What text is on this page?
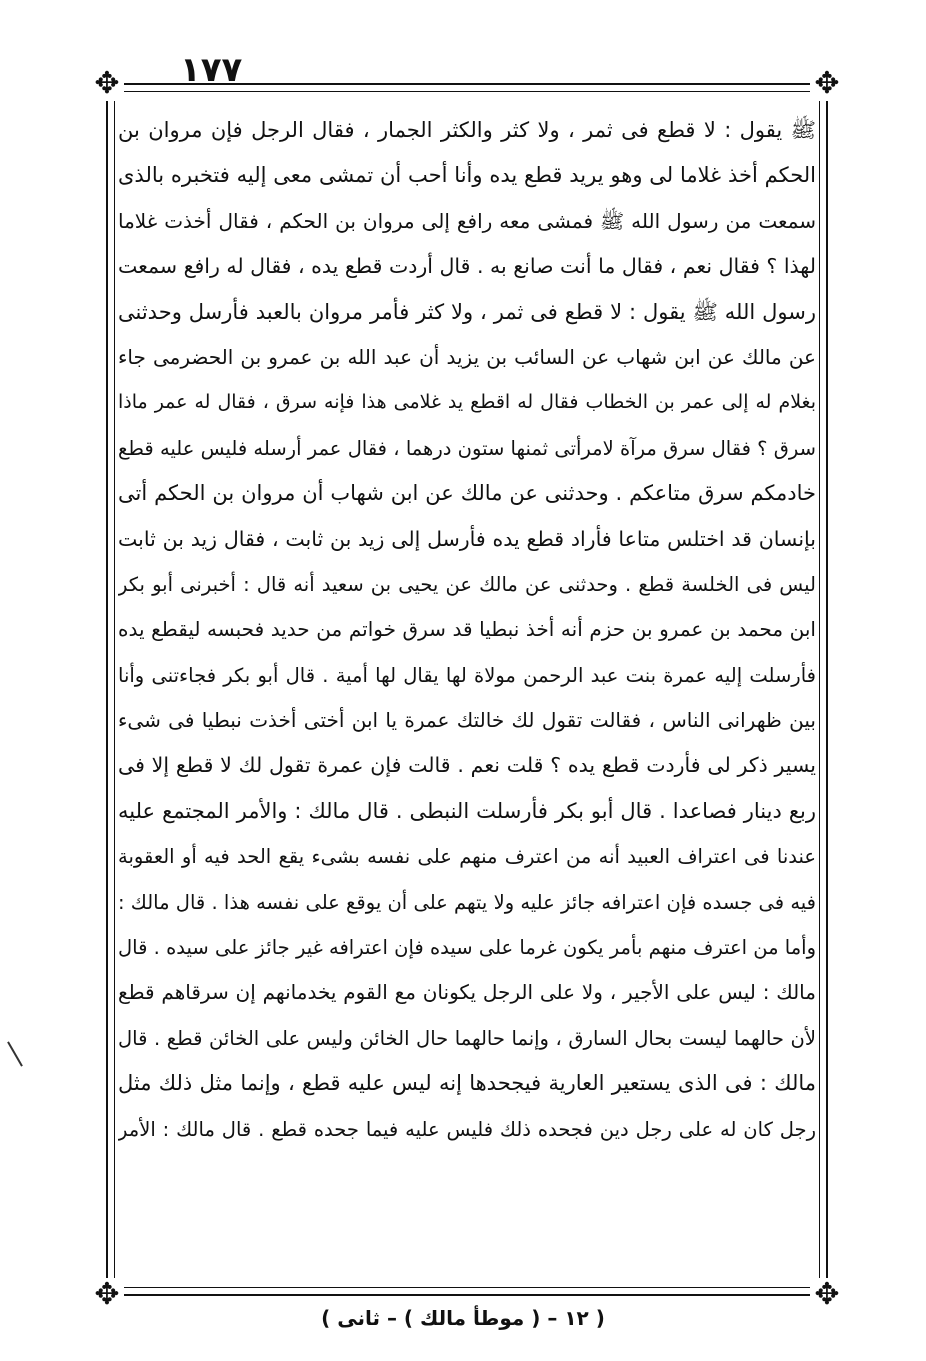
١٧٧
✥	✥
✥	✥
ﷺ يقول : لا قطع فى ثمر ، ولا كثر والكثر الجمار ، فقال الرجل فإن مروان بن
الحكم أخذ غلاما لى وهو يريد قطع يده وأنا أحب أن تمشى معى إليه فتخبره بالذى
سمعت من رسول الله ﷺ فمشى معه رافع إلى مروان بن الحكم ، فقال أخذت غلاما
لهذا ؟ فقال نعم ، فقال ما أنت صانع به . قال أردت قطع يده ، فقال له رافع سمعت
رسول الله ﷺ يقول : لا قطع فى ثمر ، ولا كثر فأمر مروان بالعبد فأرسل وحدثنى
عن مالك عن ابن شهاب عن السائب بن يزيد أن عبد الله بن عمرو بن الحضرمى جاء
بغلام له إلى عمر بن الخطاب فقال له اقطع يد غلامى هذا فإنه سرق ، فقال له عمر ماذا
سرق ؟ فقال سرق مرآة لامرأتى ثمنها ستون درهما ، فقال عمر أرسله فليس عليه قطع
خادمكم سرق متاعكم . وحدثنى عن مالك عن ابن شهاب أن مروان بن الحكم أتى
بإنسان قد اختلس متاعا فأراد قطع يده فأرسل إلى زيد بن ثابت ، فقال زيد بن ثابت
ليس فى الخلسة قطع . وحدثنى عن مالك عن يحيى بن سعيد أنه قال : أخبرنى أبو بكر
ابن محمد بن عمرو بن حزم أنه أخذ نبطيا قد سرق خواتم من حديد فحبسه ليقطع يده
فأرسلت إليه عمرة بنت عبد الرحمن مولاة لها يقال لها أمية . قال أبو بكر فجاءتنى وأنا
بين ظهرانى الناس ، فقالت تقول لك خالتك عمرة يا ابن أختى أخذت نبطيا فى شىء
يسير ذكر لى فأردت قطع يده ؟ قلت نعم . قالت فإن عمرة تقول لك لا قطع إلا فى
ربع دينار فصاعدا . قال أبو بكر فأرسلت النبطى . قال مالك : والأمر المجتمع عليه
عندنا فى اعتراف العبيد أنه من اعترف منهم على نفسه بشىء يقع الحد فيه أو العقوبة
فيه فى جسده فإن اعترافه جائز عليه ولا يتهم على أن يوقع على نفسه هذا . قال مالك :
وأما من اعترف منهم بأمر يكون غرما على سيده فإن اعترافه غير جائز على سيده . قال
مالك : ليس على الأجير ، ولا على الرجل يكونان مع القوم يخدمانهم إن سرقاهم قطع
لأن حالهما ليست بحال السارق ، وإنما حالهما حال الخائن وليس على الخائن قطع . قال
مالك : فى الذى يستعير العارية فيجحدها إنه ليس عليه قطع ، وإنما مثل ذلك مثل
رجل كان له على رجل دين فجحده ذلك فليس عليه فيما جحده قطع . قال مالك : الأمر
( ١٢ – ( موطأ مالك ) – ثانى )
